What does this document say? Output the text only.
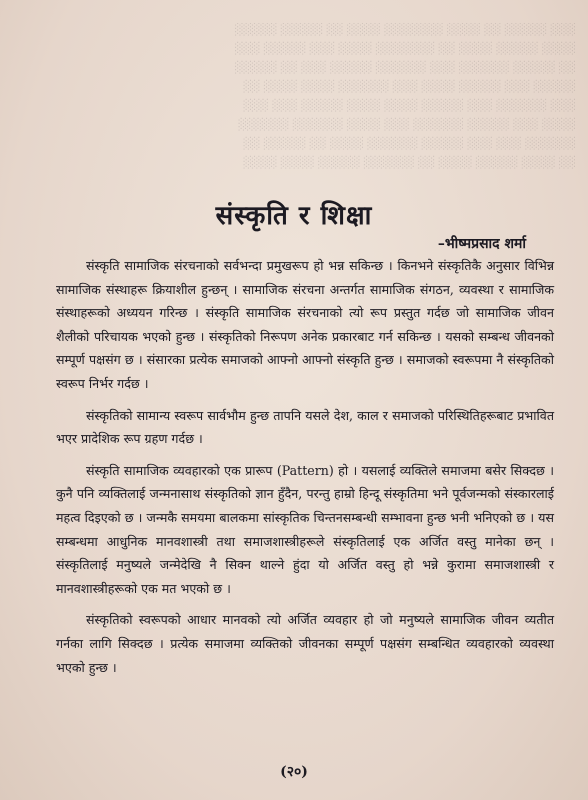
░░░ ░░░░░ ░░ ░░░░ ░░░░░░░ ░░░░ ░░ ░░░░░ ░░░░░
░░░░ ░░░░░ ░░░░ ░░ ░░░░░░░ ░░░░ ░░░ ░░░░░ ░░░
░░ ░░░░░ ░░░░░░ ░░░ ░░░░░░ ░░░░░ ░░░ ░░ ░░░░░
░░░░░ ░░░ ░░░░░ ░░░░ ░░░ ░░░░░░ ░░░░ ░░░░ ░░
░░░ ░░░░░░ ░░░ ░░░░░ ░░░░ ░░░░ ░░░░░ ░░░ ░░░
░░░░ ░░░ ░░░░░ ░░░░░░ ░░░ ░░░░ ░░░░░░ ░░░░░░
░░░░░░ ░░░ ░░░ ░░░░░ ░░░░░░ ░░░░ ░░ ░░░░░ ░░
░░ ░░░░ ░░░░░ ░░░░ ░░ ░░░░░░ ░░░░░ ░░░░ ░░░░
संस्कृति र शिक्षा
–भीष्मप्रसाद शर्मा

संस्कृति सामाजिक संरचनाको सर्वभन्दा प्रमुखरूप हो भन्न सकिन्छ । किनभने संस्कृतिकै अनुसार विभिन्न सामाजिक संस्थाहरू क्रियाशील हुन्छन् । सामाजिक संरचना अन्तर्गत सामाजिक संगठन, व्यवस्था र सामाजिक संस्थाहरूको अध्ययन गरिन्छ । संस्कृति सामाजिक संरचनाको त्यो रूप प्रस्तुत गर्दछ जो सामाजिक जीवन शैलीको परिचायक भएको हुन्छ । संस्कृतिको निरूपण अनेक प्रकारबाट गर्न सकिन्छ । यसको सम्बन्ध जीवनको सम्पूर्ण पक्षसंग छ । संसारका प्रत्येक समाजको आफ्नो आफ्नो संस्कृति हुन्छ । समाजको स्वरूपमा नै संस्कृतिको स्वरूप निर्भर गर्दछ ।

संस्कृतिको सामान्य स्वरूप सार्वभौम हुन्छ तापनि यसले देश, काल र समाजको परिस्थितिहरूबाट प्रभावित भएर प्रादेशिक रूप ग्रहण गर्दछ ।

संस्कृति सामाजिक व्यवहारको एक प्रारूप (Pattern) हो । यसलाई व्यक्तिले समाजमा बसेर सिक्दछ । कुनै पनि व्यक्तिलाई जन्मनासाथ संस्कृतिको ज्ञान हुँदैन, परन्तु हाम्रो हिन्दू संस्कृतिमा भने पूर्वजन्मको संस्कारलाई महत्व दिइएको छ । जन्मकै समयमा बालकमा सांस्कृतिक चिन्तनसम्बन्धी सम्भावना हुन्छ भनी भनिएको छ । यस सम्बन्धमा आधुनिक मानवशास्त्री तथा समाजशास्त्रीहरूले संस्कृतिलाई एक अर्जित वस्तु मानेका छन् । संस्कृतिलाई मनुष्यले जन्मेदेखि नै सिक्न थाल्ने हुंदा यो अर्जित वस्तु हो भन्ने कुरामा समाजशास्त्री र मानवशास्त्रीहरूको एक मत भएको छ ।

संस्कृतिको स्वरूपको आधार मानवको त्यो अर्जित व्यवहार हो जो मनुष्यले सामाजिक जीवन व्यतीत गर्नका लागि सिक्दछ । प्रत्येक समाजमा व्यक्तिको जीवनका सम्पूर्ण पक्षसंग सम्बन्धित व्यवहारको व्यवस्था भएको हुन्छ ।

(२०)
